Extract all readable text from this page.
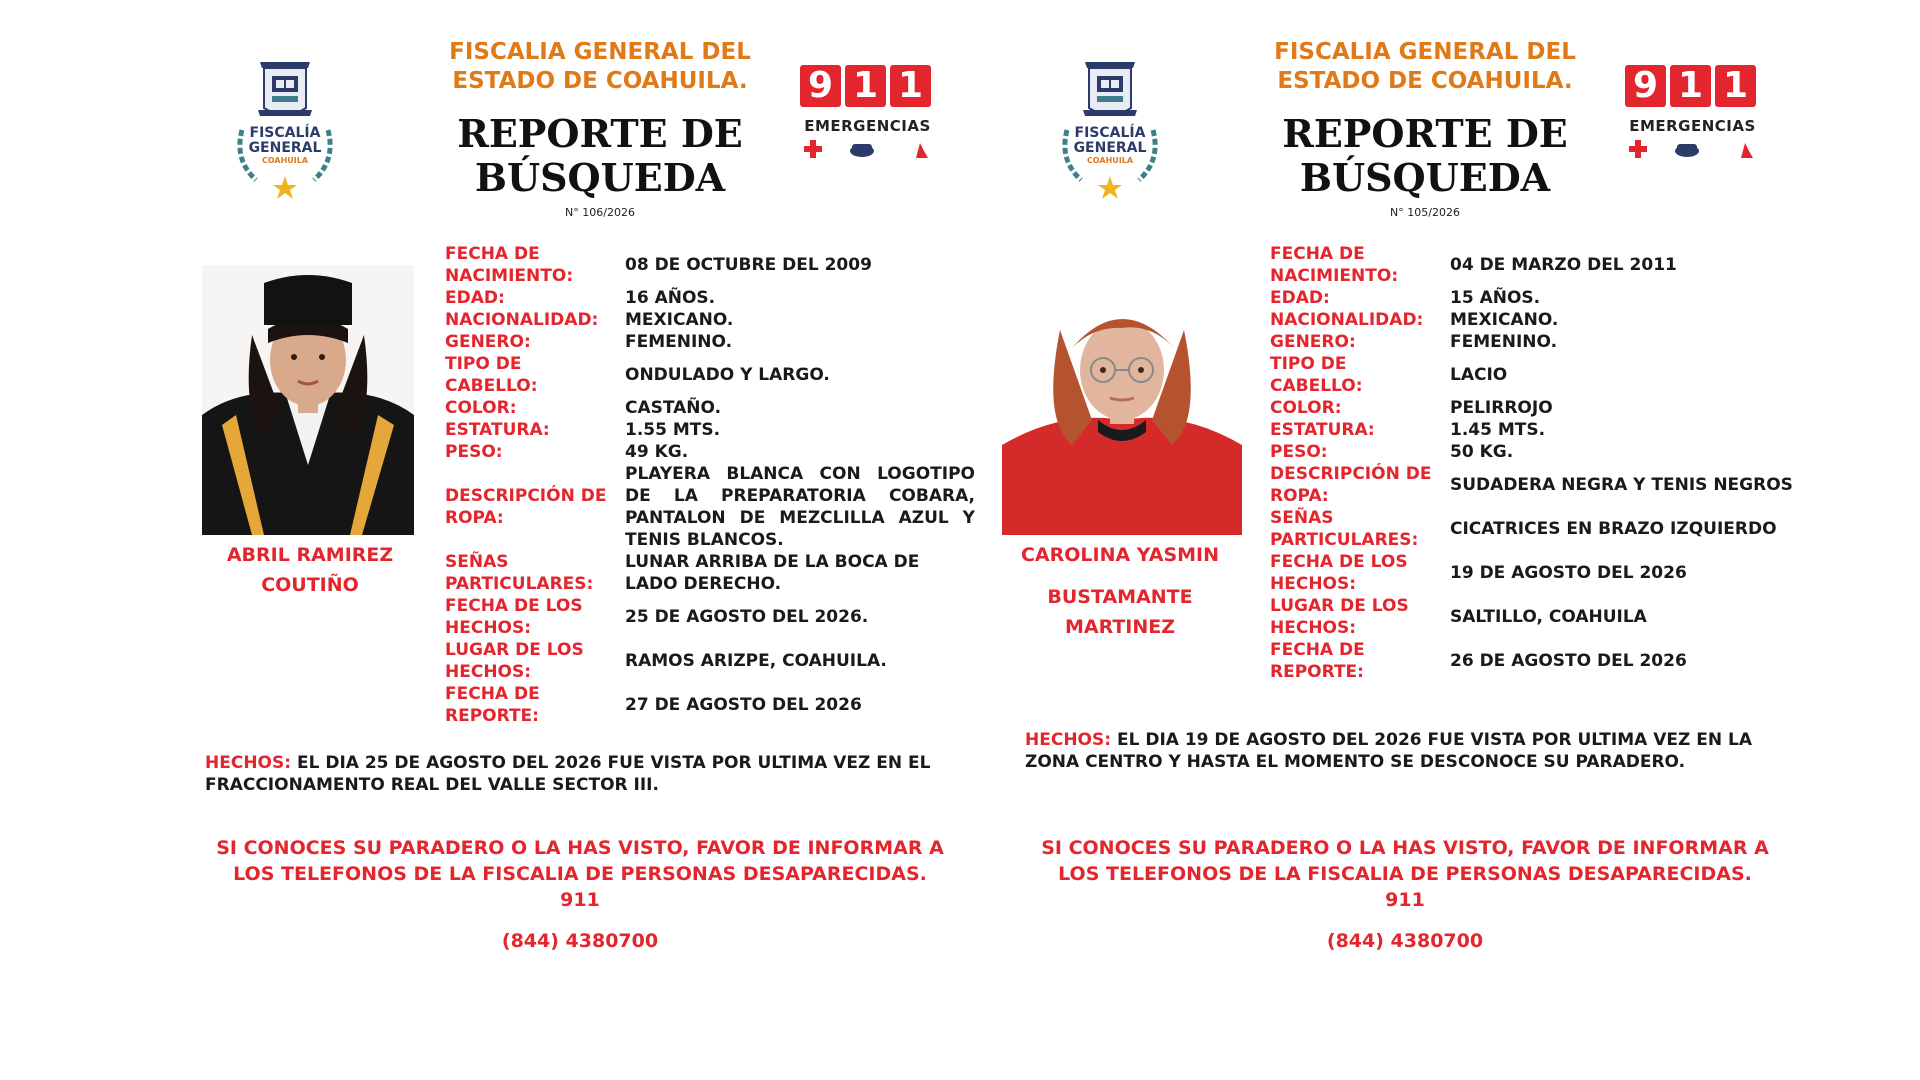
FISCALÍA
GENERAL
COAHUILA
FISCALIA GENERAL DEL ESTADO DE COAHUILA.
REPORTE DE
BÚSQUEDA
N° 106/2026
9 1 1
EMERGENCIAS
ABRIL RAMIREZ
COUTIÑO
FECHA DE NACIMIENTO:
08 DE OCTUBRE DEL 2009
EDAD:	16 AÑOS.
NACIONALIDAD:	MEXICANO.
GENERO:	FEMENINO.
TIPO DE CABELLO:
ONDULADO Y LARGO.
COLOR:	CASTAÑO.
ESTATURA:	1.55 MTS.
PESO:	49 KG.
DESCRIPCIÓN DE ROPA:
PLAYERA BLANCA CON LOGOTIPO DE LA PREPARATORIA COBARA, PANTALON DE MEZCLILLA AZUL Y TENIS BLANCOS.
SEÑAS PARTICULARES:
LUNAR ARRIBA DE LA BOCA DE LADO DERECHO.
FECHA DE LOS HECHOS:
25 DE AGOSTO DEL 2026.
LUGAR DE LOS HECHOS:
RAMOS ARIZPE, COAHUILA.
FECHA DE REPORTE:
27 DE AGOSTO DEL 2026
HECHOS: EL DIA 25 DE AGOSTO DEL 2026 FUE VISTA POR ULTIMA VEZ EN EL FRACCIONAMENTO REAL DEL VALLE SECTOR III.
SI CONOCES SU PARADERO O LA HAS VISTO, FAVOR DE INFORMAR A LOS TELEFONOS DE LA FISCALIA DE PERSONAS DESAPARECIDAS.
911
(844) 4380700
FISCALÍA
GENERAL
COAHUILA
FISCALIA GENERAL DEL ESTADO DE COAHUILA.
REPORTE DE
BÚSQUEDA
N° 105/2026
9 1 1
EMERGENCIAS
CAROLINA YASMIN
BUSTAMANTE
MARTINEZ
FECHA DE NACIMIENTO:
04 DE MARZO DEL 2011
EDAD:	15 AÑOS.
NACIONALIDAD:	MEXICANO.
GENERO:	FEMENINO.
TIPO DE CABELLO:
LACIO
COLOR:	PELIRROJO
ESTATURA:	1.45 MTS.
PESO:	50 KG.
DESCRIPCIÓN DE ROPA:
SUDADERA NEGRA Y TENIS NEGROS
SEÑAS PARTICULARES:
CICATRICES EN BRAZO IZQUIERDO
FECHA DE LOS HECHOS:
19 DE AGOSTO DEL 2026
LUGAR DE LOS HECHOS:
SALTILLO, COAHUILA
FECHA DE REPORTE:
26 DE AGOSTO DEL 2026
HECHOS: EL DIA 19 DE AGOSTO DEL 2026 FUE VISTA POR ULTIMA VEZ EN LA ZONA CENTRO Y HASTA EL MOMENTO SE DESCONOCE SU PARADERO.
SI CONOCES SU PARADERO O LA HAS VISTO, FAVOR DE INFORMAR A LOS TELEFONOS DE LA FISCALIA DE PERSONAS DESAPARECIDAS.
911
(844) 4380700
